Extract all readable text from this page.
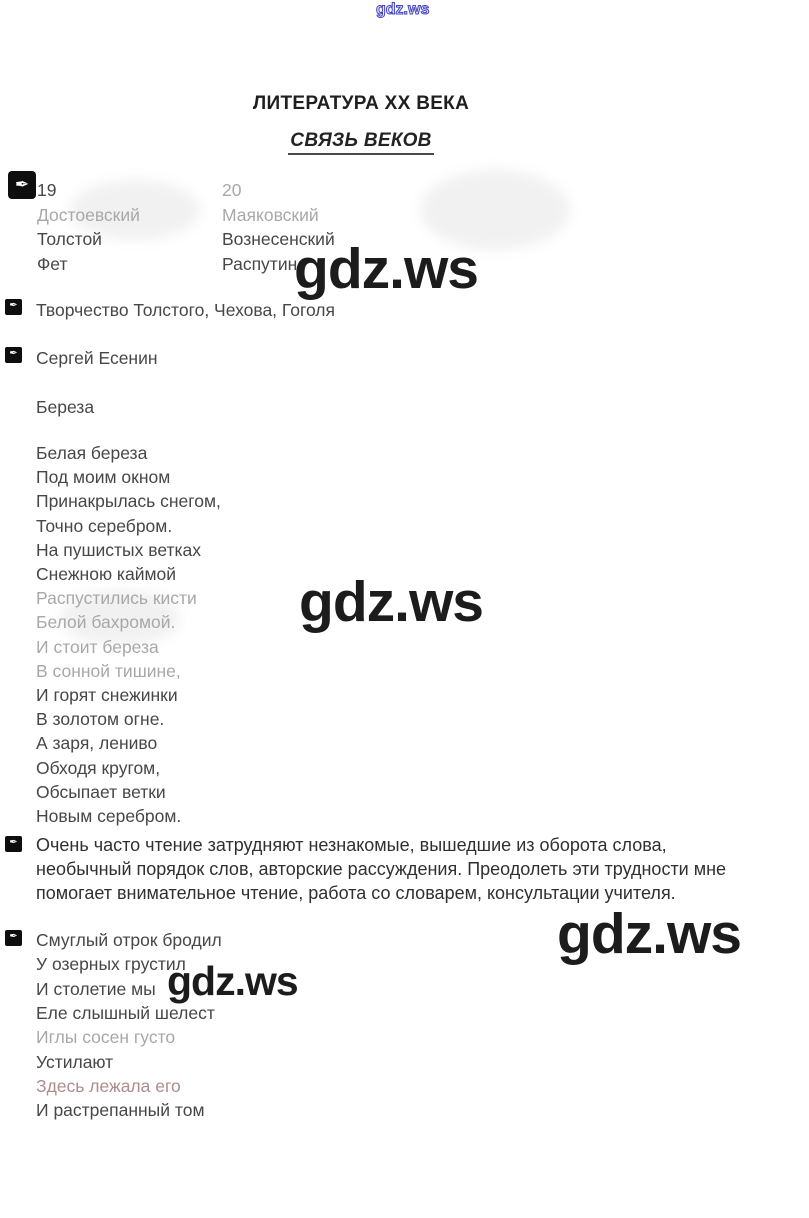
gdz.ws
gdz.ws
gdz.ws
gdz.ws
gdz.ws
ЛИТЕРАТУРА XX ВЕКА
СВЯЗЬ ВЕКОВ
✒ 19
Достоевский
Толстой
Фет
20
Маяковский
Вознесенский
Распутин
✒ Творчество Толстого, Чехова, Гоголя
✒ Сергей Есенин
Береза
Белая береза
Под моим окном
Принакрылась снегом,
Точно серебром.
На пушистых ветках
Снежною каймой
Распустились кисти
Белой бахромой.
И стоит береза
В сонной тишине,
И горят снежинки
В золотом огне.
А заря, лениво
Обходя кругом,
Обсыпает ветки
Новым серебром.
✒ Очень часто чтение затрудняют незнакомые, вышедшие из оборота слова,
необычный порядок слов, авторские рассуждения. Преодолеть эти трудности мне
помогает внимательное чтение, работа со словарем, консультации учителя.
✒ Смуглый отрок бродил
У озерных грустил
И столетие мы
Еле слышный шелест
Иглы сосен густо
Устилают
Здесь лежала его
И растрепанный том
